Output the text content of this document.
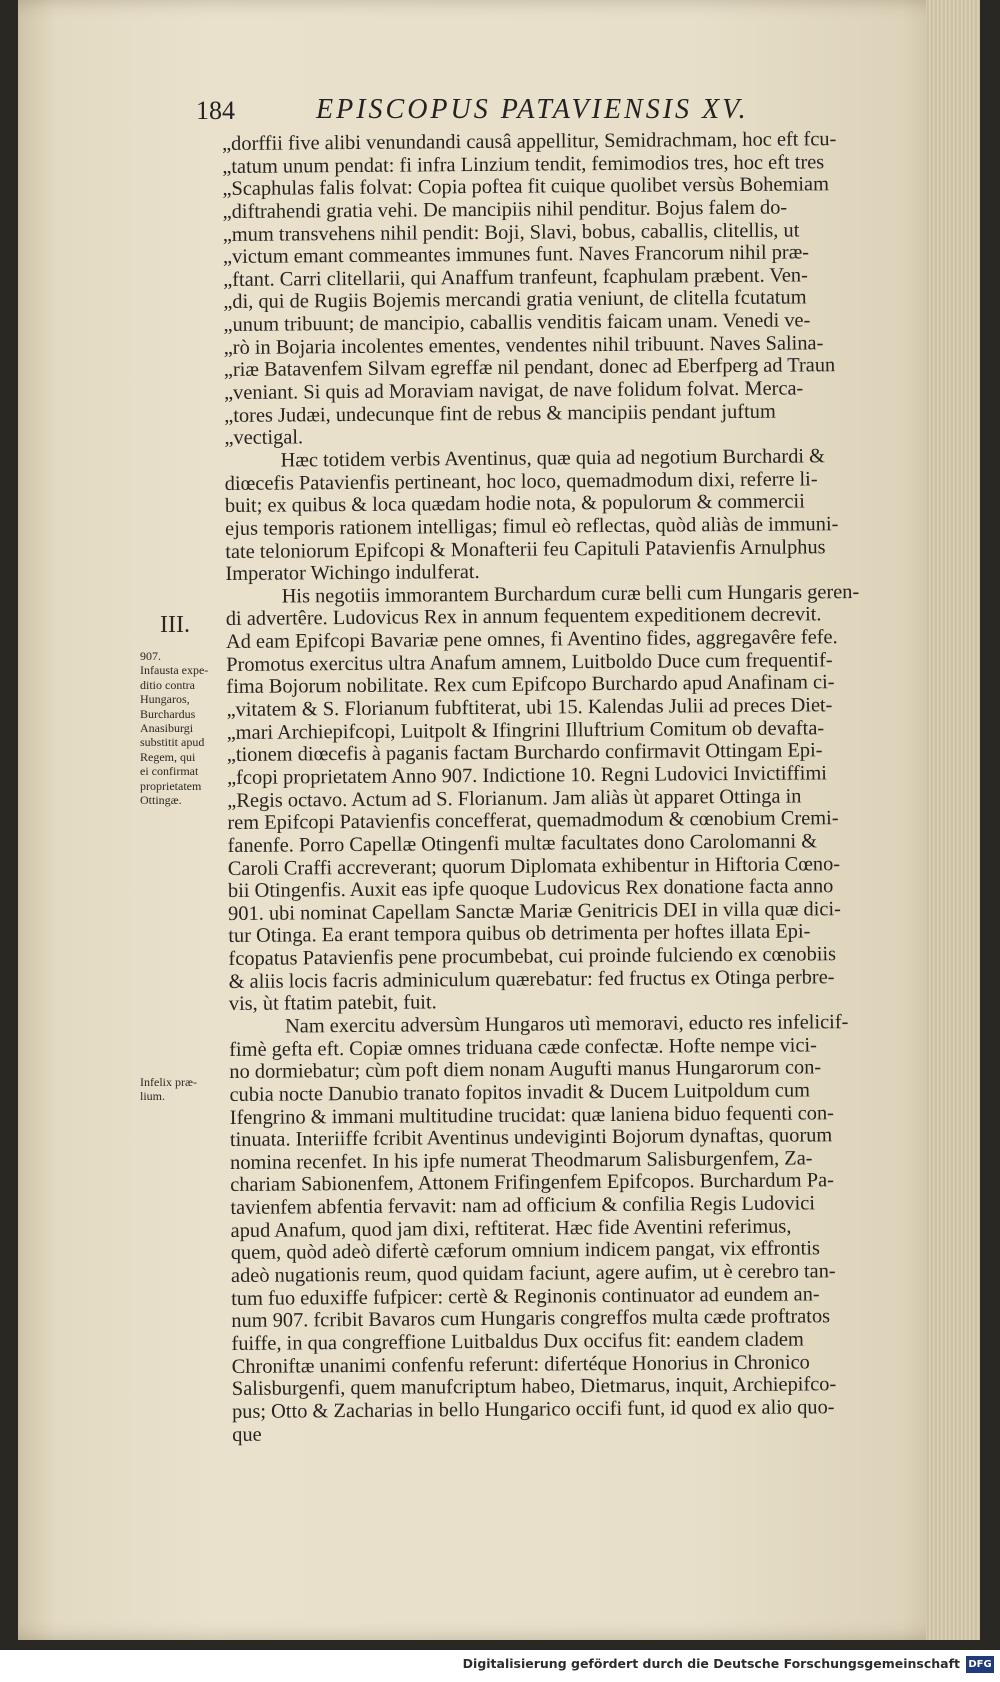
184	EPISCOPUS PATAVIENSIS XV.
III.
907.
Infausta expe-
ditio contra
Hungaros,
Burchardus
Anasiburgi
substitit apud
Regem, qui
ei confirmat
proprietatem
Ottingæ.
Infelix præ-
lium.
„dorffii five alibi venundandi causâ appellitur, Semidrachmam, hoc eft fcu-
„tatum unum pendat: fi infra Linzium tendit, femimodios tres, hoc eft tres
„Scaphulas falis folvat: Copia poftea fit cuique quolibet versùs Bohemiam
„diftrahendi gratia vehi. De mancipiis nihil penditur. Bojus falem do-
„mum transvehens nihil pendit: Boji, Slavi, bobus, caballis, clitellis, ut
„victum emant commeantes immunes funt. Naves Francorum nihil præ-
„ftant. Carri clitellarii, qui Anaffum tranfeunt, fcaphulam præbent. Ven-
„di, qui de Rugiis Bojemis mercandi gratia veniunt, de clitella fcutatum
„unum tribuunt; de mancipio, caballis venditis faicam unam. Venedi ve-
„rò in Bojaria incolentes ementes, vendentes nihil tribuunt. Naves Salina-
„riæ Batavenfem Silvam egreffæ nil pendant, donec ad Eberfperg ad Traun
„veniant. Si quis ad Moraviam navigat, de nave folidum folvat. Merca-
„tores Judæi, undecunque fint de rebus & mancipiis pendant juftum
„vectigal.
Hæc totidem verbis Aventinus, quæ quia ad negotium Burchardi &
diœcefis Patavienfis pertineant, hoc loco, quemadmodum dixi, referre li-
buit; ex quibus & loca quædam hodie nota, & populorum & commercii
ejus temporis rationem intelligas; fimul eò reflectas, quòd aliàs de immuni-
tate teloniorum Epifcopi & Monafterii feu Capituli Patavienfis Arnulphus
Imperator Wichingo indulferat.
His negotiis immorantem Burchardum curæ belli cum Hungaris geren-
di advertêre. Ludovicus Rex in annum fequentem expeditionem decrevit.
Ad eam Epifcopi Bavariæ pene omnes, fi Aventino fides, aggregavêre fefe.
Promotus exercitus ultra Anafum amnem, Luitboldo Duce cum frequentif-
fima Bojorum nobilitate. Rex cum Epifcopo Burchardo apud Anafinam ci-
„vitatem & S. Florianum fubftiterat, ubi 15. Kalendas Julii ad preces Diet-
„mari Archiepifcopi, Luitpolt & Ifingrini Illuftrium Comitum ob devafta-
„tionem diœcefis à paganis factam Burchardo confirmavit Ottingam Epi-
„fcopi proprietatem Anno 907. Indictione 10. Regni Ludovici Invictiffimi
„Regis octavo. Actum ad S. Florianum. Jam aliàs ùt apparet Ottinga in
rem Epifcopi Patavienfis concefferat, quemadmodum & cœnobium Cremi-
fanenfe. Porro Capellæ Otingenfi multæ facultates dono Carolomanni &
Caroli Craffi accreverant; quorum Diplomata exhibentur in Hiftoria Cœno-
bii Otingenfis. Auxit eas ipfe quoque Ludovicus Rex donatione facta anno
901. ubi nominat Capellam Sanctæ Mariæ Genitricis DEI in villa quæ dici-
tur Otinga. Ea erant tempora quibus ob detrimenta per hoftes illata Epi-
fcopatus Patavienfis pene procumbebat, cui proinde fulciendo ex cœnobiis
& aliis locis facris adminiculum quærebatur: fed fructus ex Otinga perbre-
vis, ùt ftatim patebit, fuit.
Nam exercitu adversùm Hungaros utì memoravi, educto res infelicif-
fimè gefta eft. Copiæ omnes triduana cæde confectæ. Hofte nempe vici-
no dormiebatur; cùm poft diem nonam Augufti manus Hungarorum con-
cubia nocte Danubio tranato fopitos invadit & Ducem Luitpoldum cum
Ifengrino & immani multitudine trucidat: quæ laniena biduo fequenti con-
tinuata. Interiiffe fcribit Aventinus undeviginti Bojorum dynaftas, quorum
nomina recenfet. In his ipfe numerat Theodmarum Salisburgenfem, Za-
chariam Sabionenfem, Attonem Frifingenfem Epifcopos. Burchardum Pa-
tavienfem abfentia fervavit: nam ad officium & confilia Regis Ludovici
apud Anafum, quod jam dixi, reftiterat. Hæc fide Aventini referimus,
quem, quòd adeò difertè cæforum omnium indicem pangat, vix effrontis
adeò nugationis reum, quod quidam faciunt, agere aufim, ut è cerebro tan-
tum fuo eduxiffe fufpicer: certè & Reginonis continuator ad eundem an-
num 907. fcribit Bavaros cum Hungaris congreffos multa cæde proftratos
fuiffe, in qua congreffione Luitbaldus Dux occifus fit: eandem cladem
Chroniftæ unanimi confenfu referunt: difertéque Honorius in Chronico
Salisburgenfi, quem manufcriptum habeo, Dietmarus, inquit, Archiepifco-
pus; Otto & Zacharias in bello Hungarico occifi funt, id quod ex alio quo-
que
Digitalisierung gefördert durch die Deutsche Forschungsgemeinschaft DFG
